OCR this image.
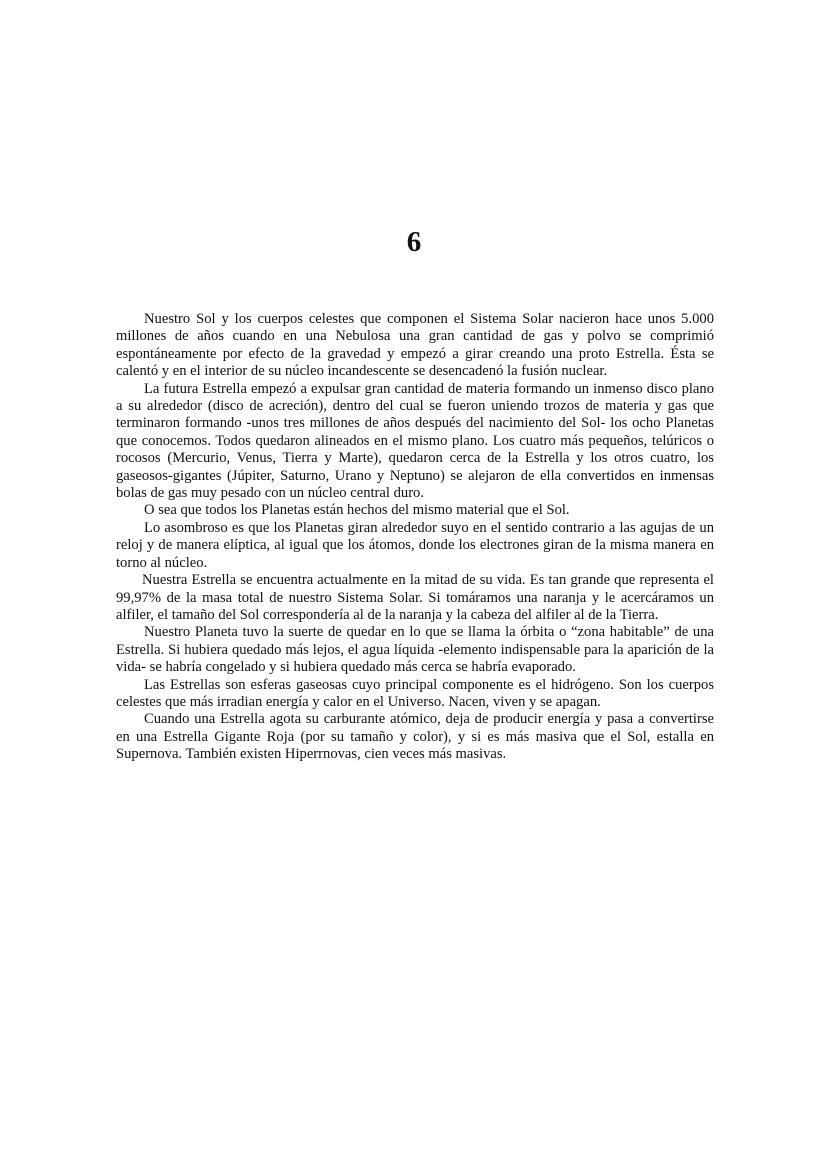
6

Nuestro Sol y los cuerpos celestes que componen el Sistema Solar nacieron hace unos 5.000 millones de años cuando en una Nebulosa una gran cantidad de gas y polvo se comprimió espontáneamente por efecto de la gravedad y empezó a girar creando una proto Estrella. Ésta se calentó y en el interior de su núcleo incandescente se desencadenó la fusión nuclear.

La futura Estrella empezó a expulsar gran cantidad de materia formando un inmenso disco plano a su alrededor (disco de acreción), dentro del cual se fueron uniendo trozos de materia y gas que terminaron formando -unos tres millones de años después del nacimiento del Sol- los ocho Planetas que conocemos. Todos quedaron alineados en el mismo plano. Los cuatro más pequeños, telúricos o rocosos (Mercurio, Venus, Tierra y Marte), quedaron cerca de la Estrella y los otros cuatro, los gaseosos-gigantes (Júpiter, Saturno, Urano y Neptuno) se alejaron de ella convertidos en inmensas bolas de gas muy pesado con un núcleo central duro.

O sea que todos los Planetas están hechos del mismo material que el Sol.

Lo asombroso es que los Planetas giran alrededor suyo en el sentido contrario a las agujas de un reloj y de manera elíptica, al igual que los átomos, donde los electrones giran de la misma manera en torno al núcleo.

Nuestra Estrella se encuentra actualmente en la mitad de su vida. Es tan grande que representa el 99,97% de la masa total de nuestro Sistema Solar. Si tomáramos una naranja y le acercáramos un alfiler, el tamaño del Sol correspondería al de la naranja y la cabeza del alfiler al de la Tierra.

Nuestro Planeta tuvo la suerte de quedar en lo que se llama la órbita o “zona habitable” de una Estrella. Si hubiera quedado más lejos, el agua líquida -elemento indispensable para la aparición de la vida- se habría congelado y si hubiera quedado más cerca se habría evaporado.

Las Estrellas son esferas gaseosas cuyo principal componente es el hidrógeno. Son los cuerpos celestes que más irradian energía y calor en el Universo. Nacen, viven y se apagan.

Cuando una Estrella agota su carburante atómico, deja de producir energía y pasa a convertirse en una Estrella Gigante Roja (por su tamaño y color), y si es más masiva que el Sol, estalla en Supernova. También existen Hiperrnovas, cien veces más masivas.
